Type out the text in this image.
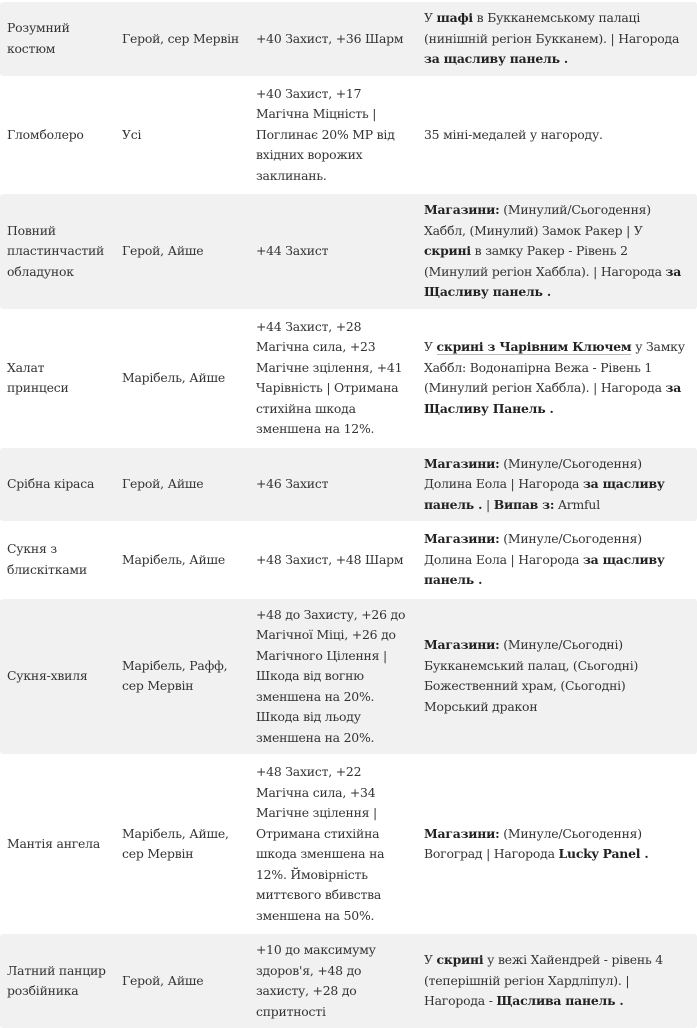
Розумний костюм	Герой, сер Мервін	+40 Захист, +36 Шарм	У шафі в Букканемському палаці (нинішній регіон Букканем). | Нагорода за щасливу панель .

Гломболеро	Усі	+40 Захист, +17 Магічна Міцність | Поглинає 20% MP від вхідних ворожих заклинань.	35 міні-медалей у нагороду.

Повний пластинчастий обладунок	Герой, Айше	+44 Захист	Магазини: (Минулий/Сьогодення) Хаббл, (Минулий) Замок Ракер | У скрині в замку Ракер - Рівень 2 (Минулий регіон Хаббла). | Нагорода за Щасливу панель .

Халат принцеси	Марібель, Айше	+44 Захист, +28 Магічна сила, +23 Магічне зцілення, +41 Чарівність | Отримана стихійна шкода зменшена на 12%.	У скрині з Чарівним Ключем у Замку Хаббл: Водонапірна Вежа - Рівень 1 (Минулий регіон Хаббла). | Нагорода за Щасливу Панель .

Срібна кіраса	Герой, Айше	+46 Захист	Магазини: (Минуле/Сьогодення) Долина Еола | Нагорода за щасливу панель . | Випав з: Armful

Сукня з блискітками	Марібель, Айше	+48 Захист, +48 Шарм	Магазини: (Минуле/Сьогодення) Долина Еола | Нагорода за щасливу панель .

Сукня-хвиля	Марібель, Рафф, сер Мервін	+48 до Захисту, +26 до Магічної Міці, +26 до Магічного Цілення | Шкода від вогню зменшена на 20%. Шкода від льоду зменшена на 20%.	Магазини: (Минуле/Сьогодні) Букканемський палац, (Сьогодні) Божественний храм, (Сьогодні) Морський дракон

Мантія ангела	Марібель, Айше, сер Мервін	+48 Захист, +22 Магічна сила, +34 Магічне зцілення | Отримана стихійна шкода зменшена на 12%. Ймовірність миттєвого вбивства зменшена на 50%.	Магазини: (Минуле/Сьогодення) Вогоград | Нагорода Lucky Panel .

Латний панцир розбійника	Герой, Айше	+10 до максимуму здоров'я, +48 до захисту, +28 до спритності	У скрині у вежі Хайендрей - рівень 4 (теперішній регіон Хардліпул). | Нагорода - Щаслива панель .
